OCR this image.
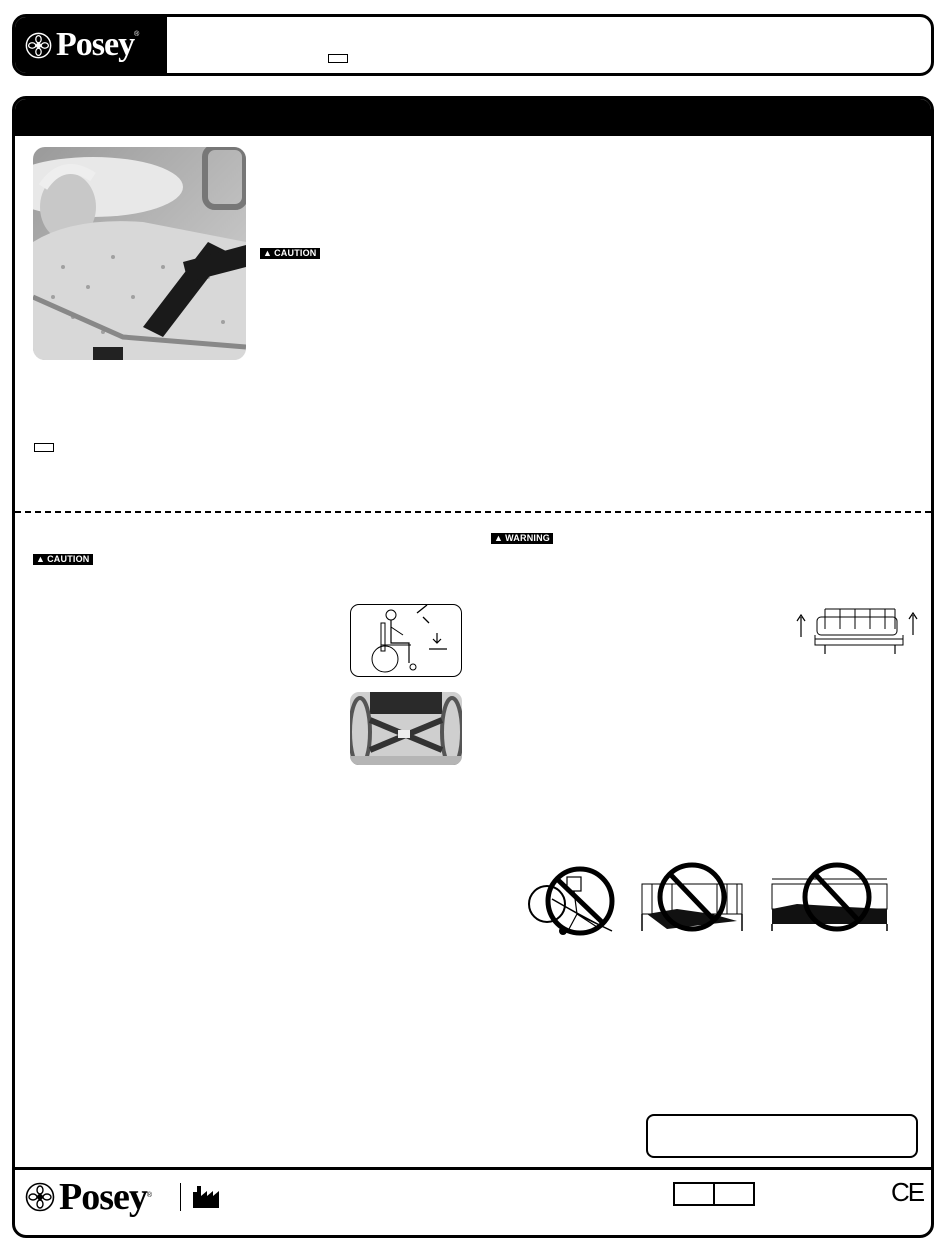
Posey ®
▲ CAUTION
▲ CAUTION
▲ WARNING
Posey ®	CE
